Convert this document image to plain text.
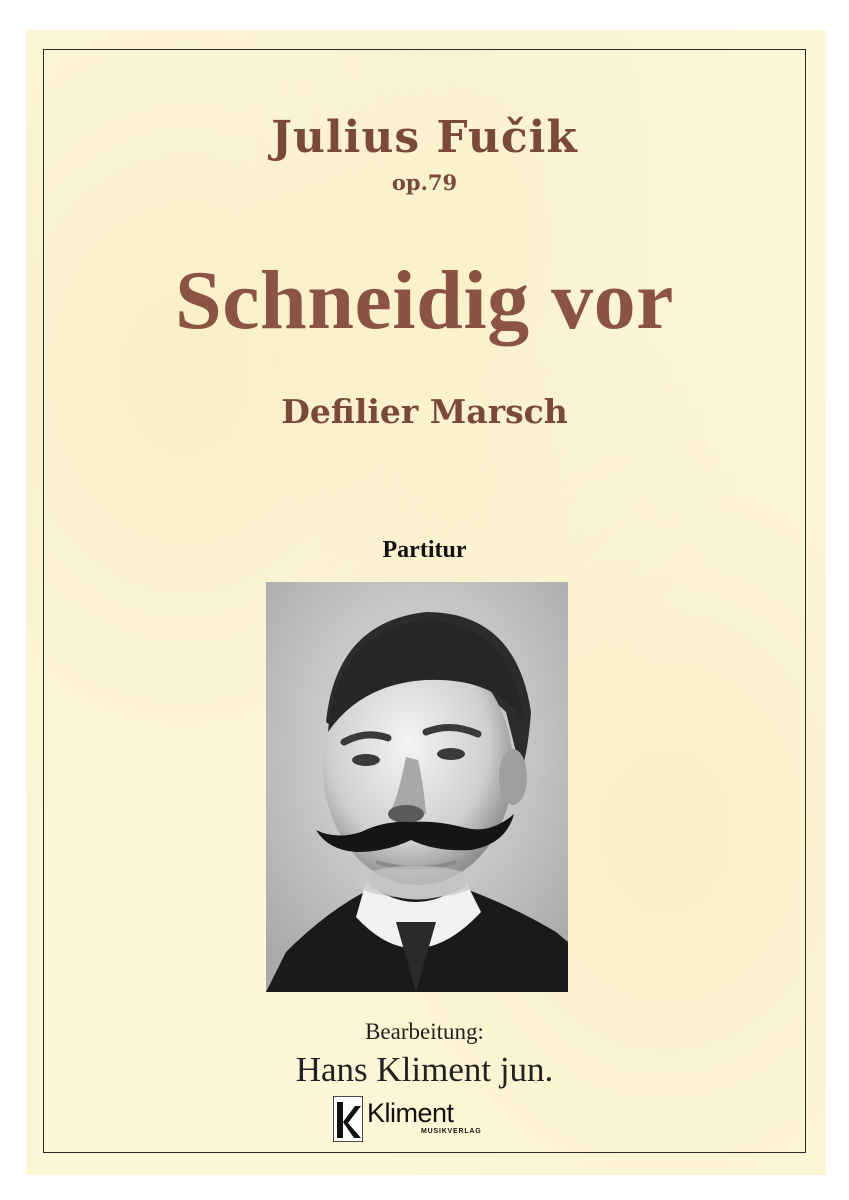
Julius Fučik
op.79
Schneidig vor
Defilier Marsch
Partitur
Bearbeitung:
Hans Kliment jun.
Kliment
MUSIKVERLAG
